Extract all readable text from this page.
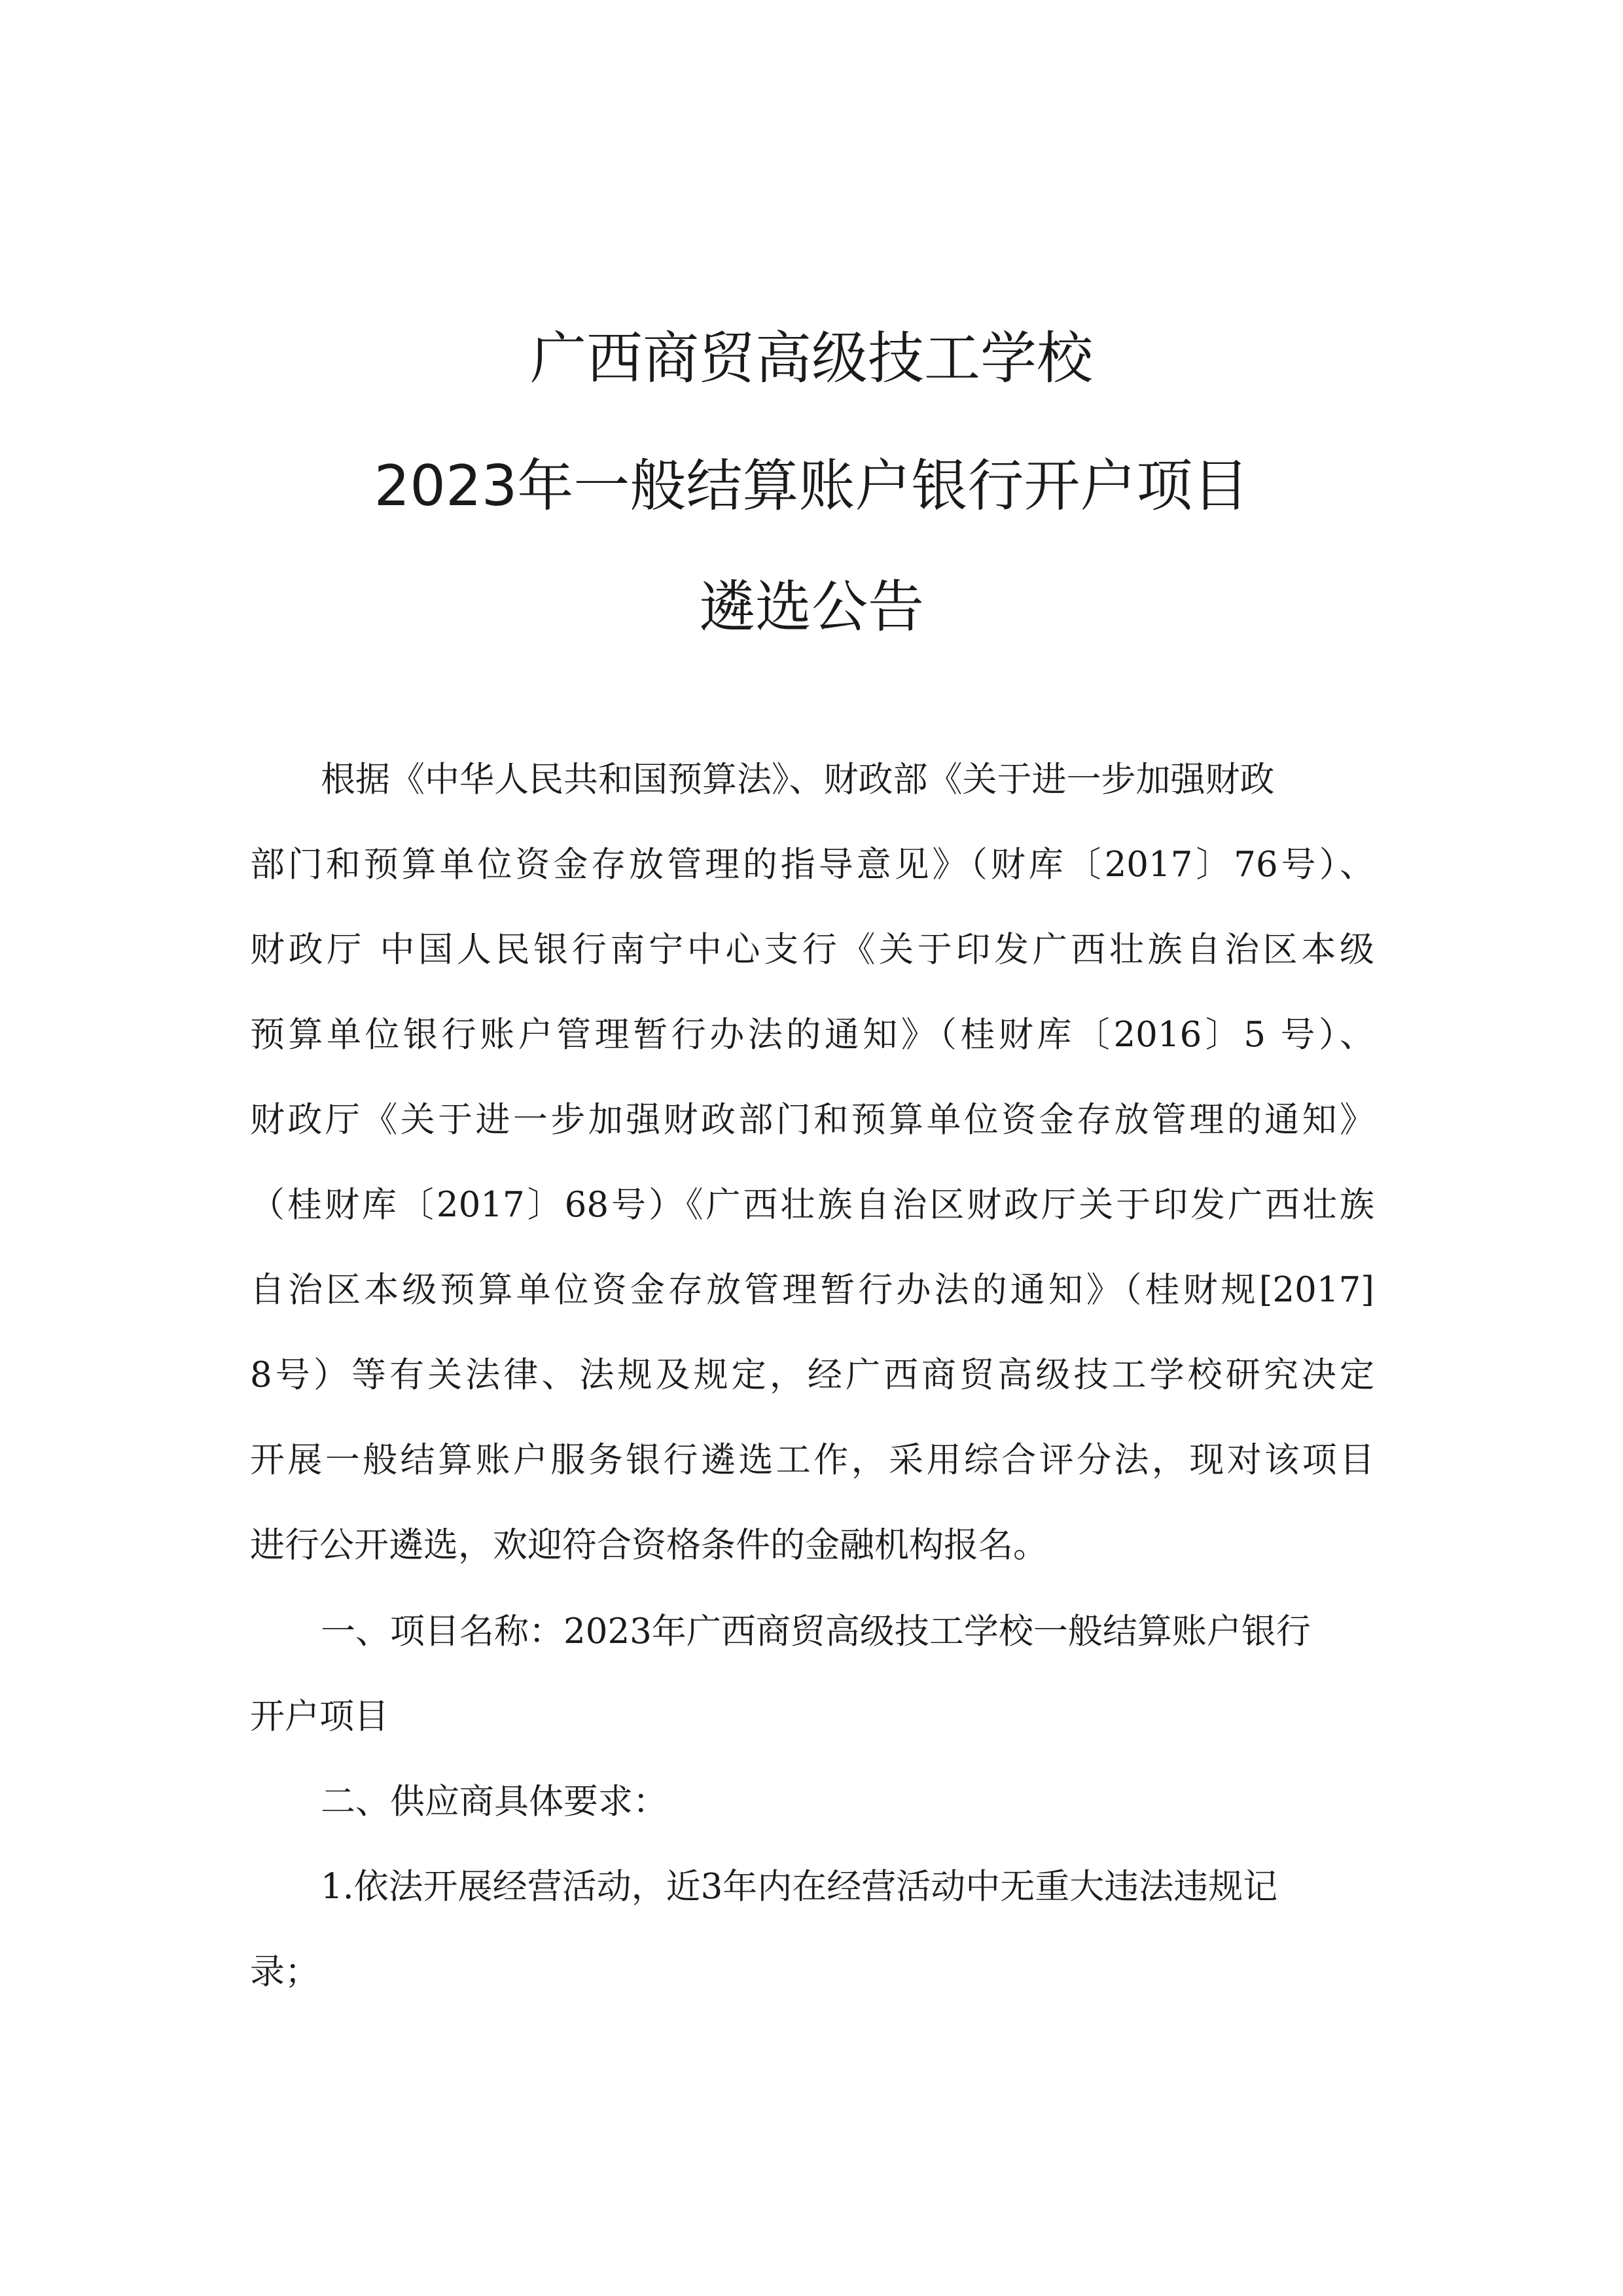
广西商贸高级技工学校
2023年一般结算账户银行开户项目
遴选公告
根据《中华人民共和国预算法》、财政部《关于进一步加强财政
部门和预算单位资金存放管理的指导意见》（财库〔2017〕76号）、
财政厅 中国人民银行南宁中心支行《关于印发广西壮族自治区本级
预算单位银行账户管理暂行办法的通知》（桂财库〔2016〕5 号）、
财政厅《关于进一步加强财政部门和预算单位资金存放管理的通知》
（桂财库〔2017〕68号）《广西壮族自治区财政厅关于印发广西壮族
自治区本级预算单位资金存放管理暂行办法的通知》（桂财规[2017]
8号）等有关法律、法规及规定，经广西商贸高级技工学校研究决定
开展一般结算账户服务银行遴选工作，采用综合评分法，现对该项目
进行公开遴选，欢迎符合资格条件的金融机构报名。
一、项目名称：2023年广西商贸高级技工学校一般结算账户银行
开户项目
二、供应商具体要求：
1.依法开展经营活动，近3年内在经营活动中无重大违法违规记
录；
